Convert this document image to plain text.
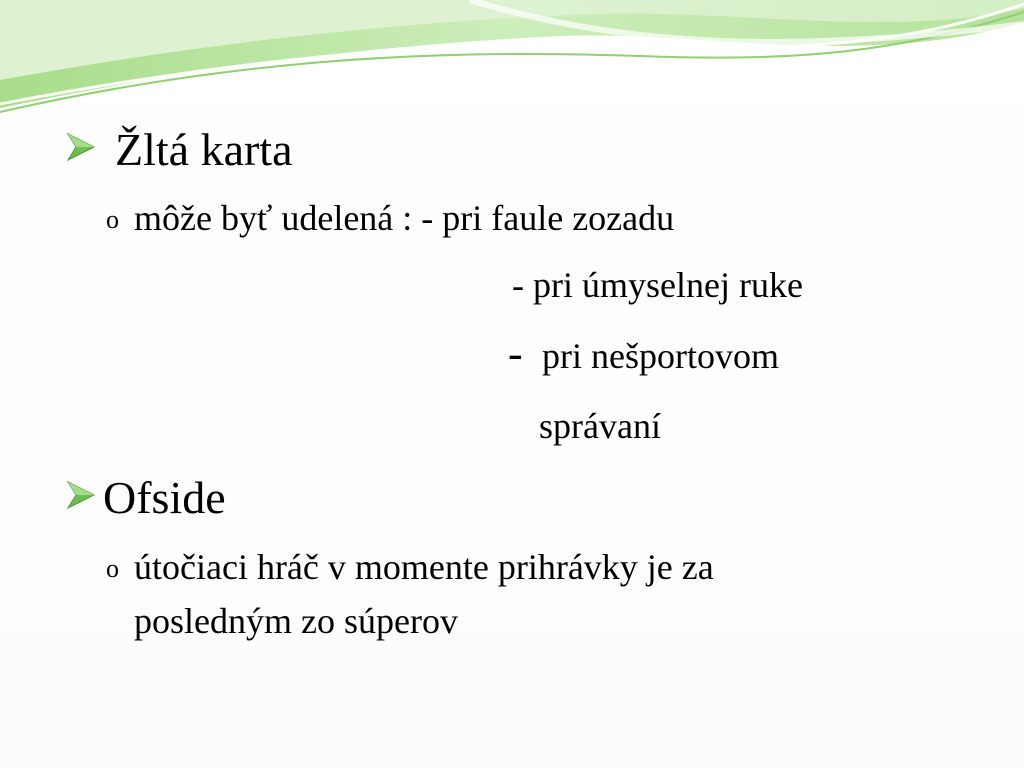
Žltá karta
o môže byť udelená : - pri faule zozadu
- pri úmyselnej ruke
- pri nešportovom
správaní
Ofside
o útočiaci hráč v momente prihrávky je za
posledným zo súperov
